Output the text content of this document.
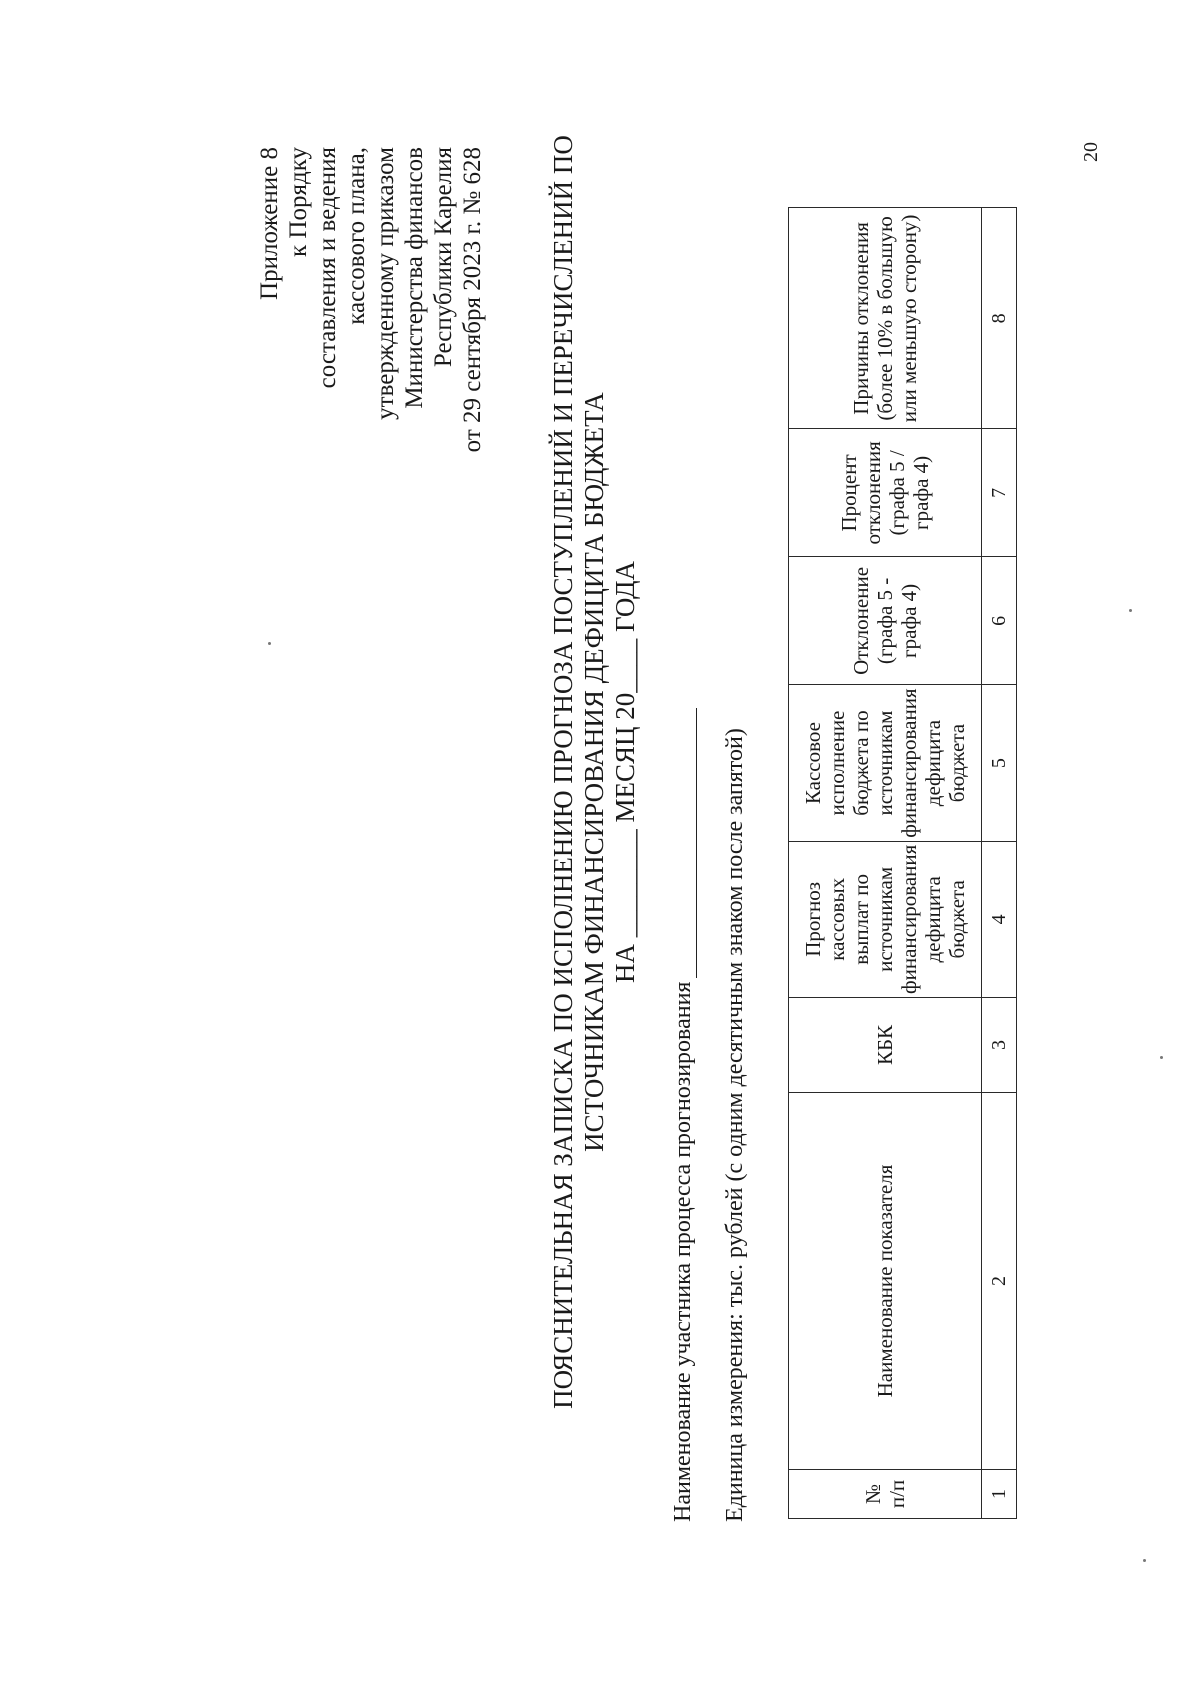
Приложение 8 к Порядку составления и ведения кассового плана, утвержденному приказом Министерства финансов Республики Карелия от 29 сентября 2023 г. № 628 ПОЯСНИТЕЛЬНАЯ ЗАПИСКА ПО ИСПОЛНЕНИЮ ПРОГНОЗА ПОСТУПЛЕНИЙ И ПЕРЕЧИСЛЕНИЙ ПО ИСТОЧНИКАМ ФИНАНСИРОВАНИЯ ДЕФИЦИТА БЮДЖЕТА НА ________ МЕСЯЦ 20____ ГОДА
Наименование участника процесса прогнозирования Единица измерения: тыс. рублей (с одним десятичным знаком после запятой)	№ п/п	Наименование показателя	КБК	Прогноз кассовых выплат по источникам финансирования дефицита бюджета	Кассовое исполнение бюджета по источникам финансирования дефицита бюджета	Отклонение (графа 5 - графа 4)	Процент отклонения (графа 5 / графа 4)	Причины отклонения (более 10% в большую или меньшую сторону)
1	2	3	4	5	6	7	8
20
